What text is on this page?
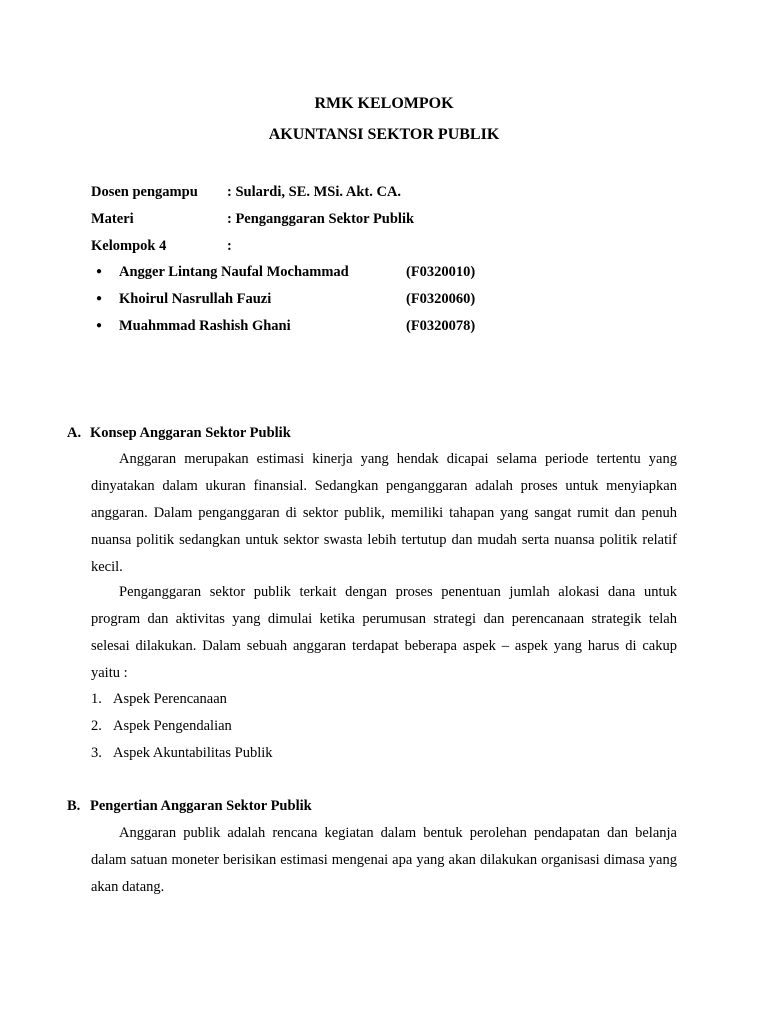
RMK KELOMPOK
AKUNTANSI SEKTOR PUBLIK
Dosen pengampu : Sulardi, SE. MSi. Akt. CA.
Materi	: Penganggaran Sektor Publik
Kelompok 4	:
● Angger Lintang Naufal Mochammad	(F0320010)
● Khoirul Nasrullah Fauzi	(F0320060)
● Muahmmad Rashish Ghani	(F0320078)
A. Konsep Anggaran Sektor Publik
Anggaran merupakan estimasi kinerja yang hendak dicapai selama periode tertentu yang dinyatakan dalam ukuran finansial. Sedangkan penganggaran adalah proses untuk menyiapkan anggaran. Dalam penganggaran di sektor publik, memiliki tahapan yang sangat rumit dan penuh nuansa politik sedangkan untuk sektor swasta lebih tertutup dan mudah serta nuansa politik relatif kecil.
Penganggaran sektor publik terkait dengan proses penentuan jumlah alokasi dana untuk program dan aktivitas yang dimulai ketika perumusan strategi dan perencanaan strategik telah selesai dilakukan. Dalam sebuah anggaran terdapat beberapa aspek – aspek yang harus di cakup yaitu :
1. Aspek Perencanaan
2. Aspek Pengendalian
3. Aspek Akuntabilitas Publik
B. Pengertian Anggaran Sektor Publik
Anggaran publik adalah rencana kegiatan dalam bentuk perolehan pendapatan dan belanja dalam satuan moneter berisikan estimasi mengenai apa yang akan dilakukan organisasi dimasa yang akan datang.
